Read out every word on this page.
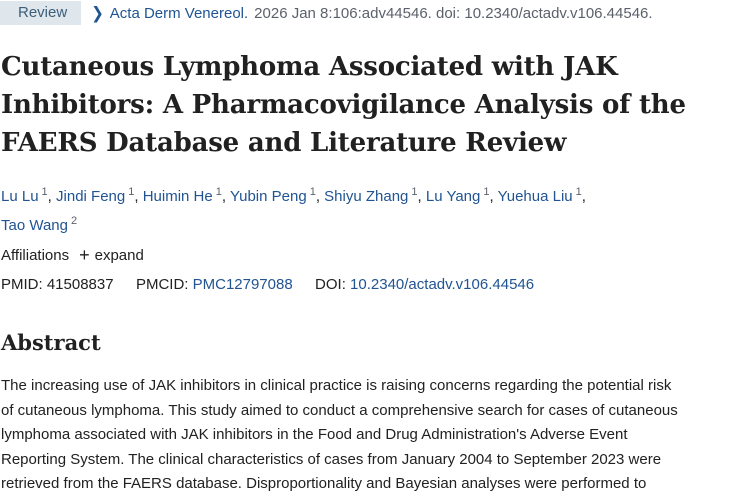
Review	❯ Acta Derm Venereol. 2026 Jan 8:106:adv44546. doi: 10.2340/actadv.v106.44546.
Cutaneous Lymphoma Associated with JAK
Inhibitors: A Pharmacovigilance Analysis of the
FAERS Database and Literature Review
Lu Lu $^1$, Jindi Feng $^1$, Huimin He $^1$, Yubin Peng $^1$, Shiyu Zhang $^1$, Lu Yang $^1$, Yuehua Liu $^1$,
Tao Wang $^2$
Affiliations + expand
PMID: 41508837 PMCID: PMC12797088 DOI: 10.2340/actadv.v106.44546
Abstract

The increasing use of JAK inhibitors in clinical practice is raising concerns regarding the potential risk
of cutaneous lymphoma. This study aimed to conduct a comprehensive search for cases of cutaneous
lymphoma associated with JAK inhibitors in the Food and Drug Administration's Adverse Event
Reporting System. The clinical characteristics of cases from January 2004 to September 2023 were
retrieved from the FAERS database. Disproportionality and Bayesian analyses were performed to
